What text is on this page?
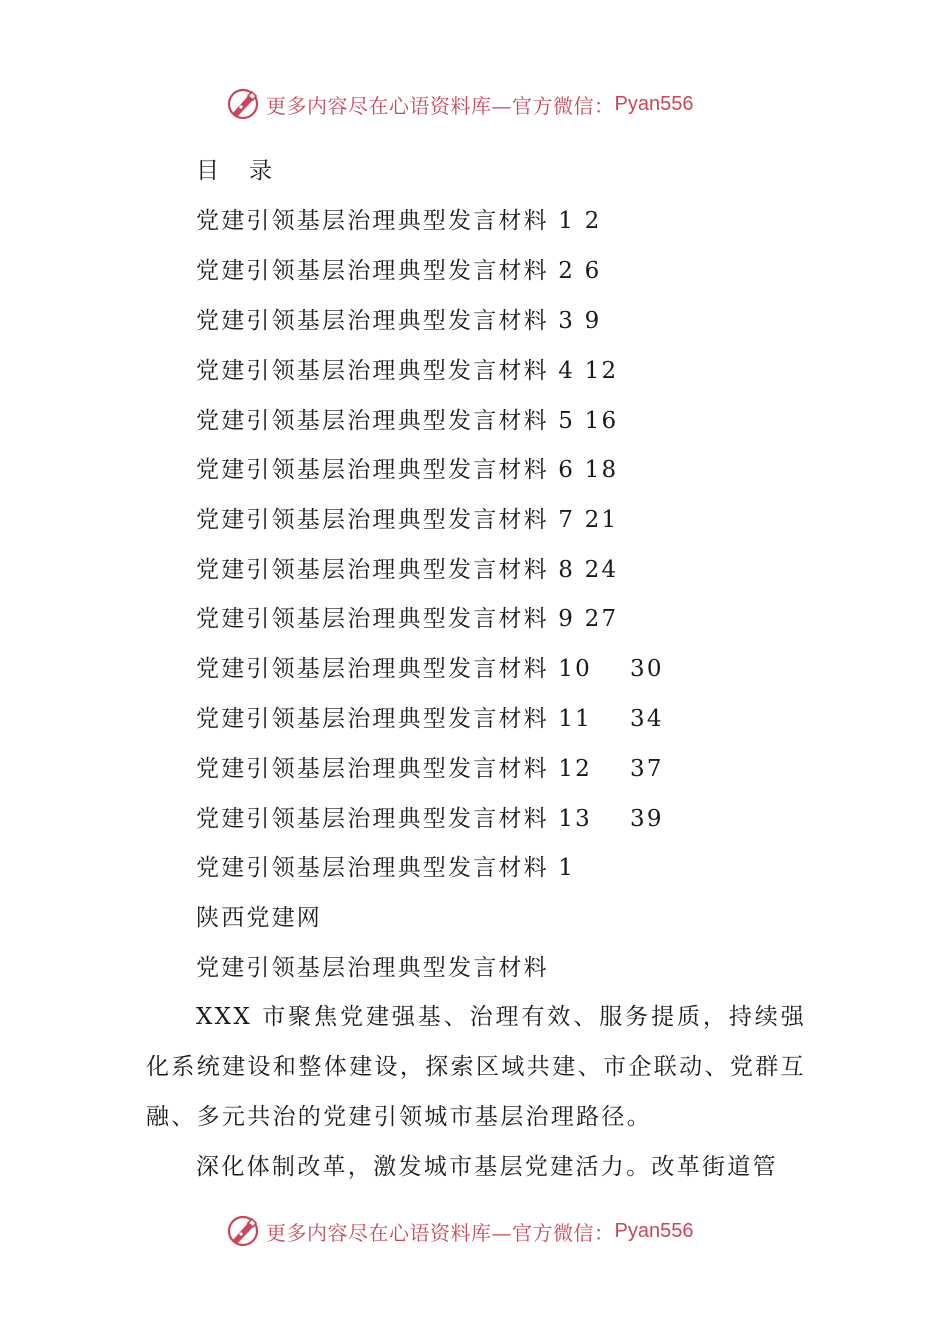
更多内容尽在心语资料库—官方微信： Pyan556
目 录
党建引领基层治理典型发言材料 1 2
党建引领基层治理典型发言材料 2 6
党建引领基层治理典型发言材料 3 9
党建引领基层治理典型发言材料 4 12
党建引领基层治理典型发言材料 5 16
党建引领基层治理典型发言材料 6 18
党建引领基层治理典型发言材料 7 21
党建引领基层治理典型发言材料 8 24
党建引领基层治理典型发言材料 9 27
党建引领基层治理典型发言材料 10    30
党建引领基层治理典型发言材料 11    34
党建引领基层治理典型发言材料 12    37
党建引领基层治理典型发言材料 13    39
党建引领基层治理典型发言材料 1
陕西党建网
党建引领基层治理典型发言材料
XXX 市聚焦党建强基、治理有效、服务提质，持续强化系统建设和整体建设，探索区域共建、市企联动、党群互融、多元共治的党建引领城市基层治理路径。
深化体制改革，激发城市基层党建活力。改革街道管
更多内容尽在心语资料库—官方微信： Pyan556
